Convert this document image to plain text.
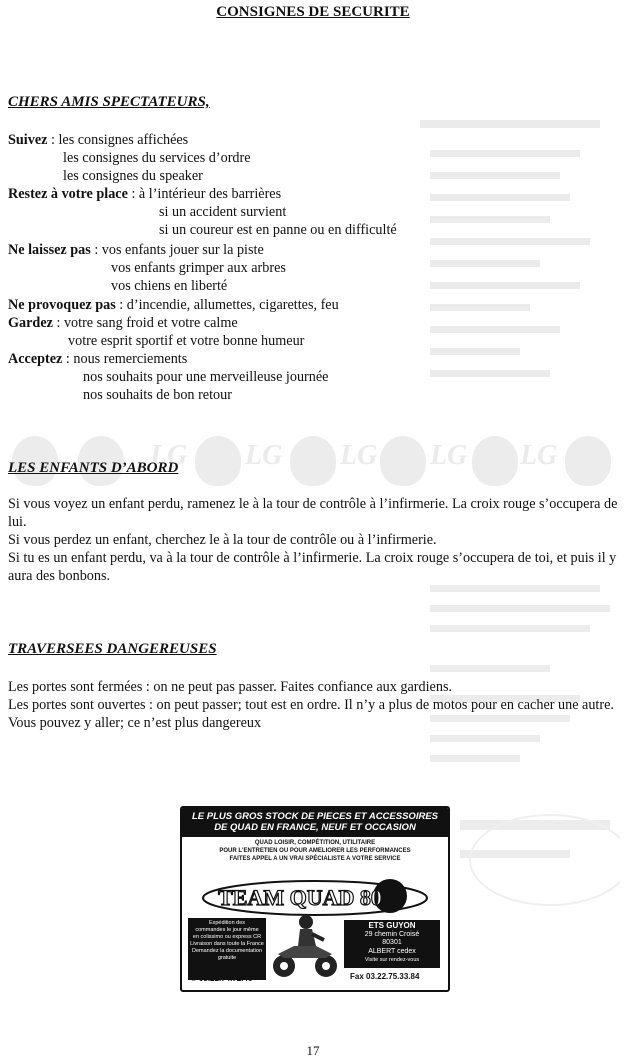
LG LG LG LG LG
CONSIGNES DE SECURITE
CHERS AMIS SPECTATEURS,
Suivez : les consignes affichées
les consignes du services d’ordre
les consignes du speaker
Restez à votre place : à l’intérieur des barrières
si un accident survient
si un coureur est en panne ou en difficulté
Ne laissez pas : vos enfants jouer sur la piste
vos enfants grimper aux arbres
vos chiens en liberté
Ne provoquez pas : d’incendie, allumettes, cigarettes, feu
Gardez : votre sang froid et votre calme
votre esprit sportif et votre bonne humeur
Acceptez : nous remerciements
nos souhaits pour une merveilleuse journée
nos souhaits de bon retour
LES ENFANTS D’ABORD
Si vous voyez un enfant perdu, ramenez le à la tour de contrôle à l’infirmerie. La croix rouge s’occupera de lui.
Si vous perdez un enfant, cherchez le à la tour de contrôle ou à l’infirmerie.
Si tu es un enfant perdu, va à la tour de contrôle à l’infirmerie. La croix rouge s’occupera de toi, et puis il y aura des bonbons.
TRAVERSEES DANGEREUSES
Les portes sont fermées : on ne peut pas passer. Faites confiance aux gardiens.
Les portes sont ouvertes : on peut passer; tout est en ordre. Il n’y a plus de motos pour en cacher une autre. Vous pouvez y aller; ce n’est plus dangereux
LE PLUS GROS STOCK DE PIECES ET ACCESSOIRES DE QUAD EN FRANCE, NEUF ET OCCASION
QUAD LOISIR, COMPÉTITION, UTILITAIRE
POUR L'ENTRETIEN OU POUR AMELIORER LES PERFORMANCES
FAITES APPEL A UN VRAI SPÉCIALISTE A VOTRE SERVICE
TEAM QUAD 80
Expédition des
commandes le jour même
en colissimo ou express CR
Livraison dans toute la France
Demandez la documentation
gratuite
ETS GUYON
29 chemin Croisé
80301
ALBERT cedex
Visite sur rendez-vous
✆ 03.22.74.72.46	Fax 03.22.75.33.84
17
